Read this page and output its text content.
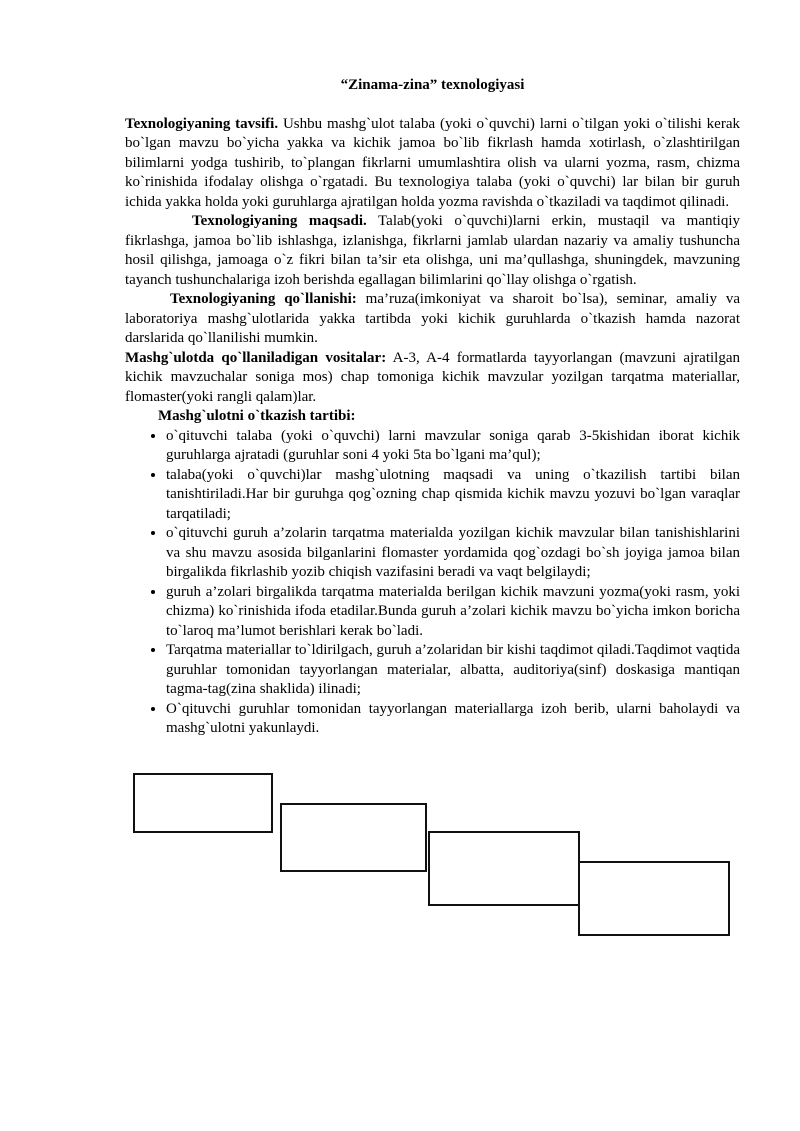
“Zinama-zina” texnologiyasi

Texnologiyaning tavsifi. Ushbu mashg`ulot talaba (yoki o`quvchi) larni o`tilgan yoki o`tilishi kerak bo`lgan mavzu bo`yicha yakka va kichik jamoa bo`lib fikrlash hamda xotirlash, o`zlashtirilgan bilimlarni yodga tushirib, to`plangan fikrlarni umumlashtira olish va ularni yozma, rasm, chizma ko`rinishida ifodalay olishga o`rgatadi. Bu texnologiya talaba (yoki o`quvchi) lar bilan bir guruh ichida yakka holda yoki guruhlarga ajratilgan holda yozma ravishda o`tkaziladi va taqdimot qilinadi.

Texnologiyaning maqsadi. Talab(yoki o`quvchi)larni erkin, mustaqil va mantiqiy fikrlashga, jamoa bo`lib ishlashga, izlanishga, fikrlarni jamlab ulardan nazariy va amaliy tushuncha hosil qilishga, jamoaga o`z fikri bilan ta’sir eta olishga, uni ma’qullashga, shuningdek, mavzuning tayanch tushunchalariga izoh berishda egallagan bilimlarini qo`llay olishga o`rgatish.

Texnologiyaning qo`llanishi: ma’ruza(imkoniyat va sharoit bo`lsa), seminar, amaliy va laboratoriya mashg`ulotlarida yakka tartibda yoki kichik guruhlarda o`tkazish hamda nazorat darslarida qo`llanilishi mumkin.

Mashg`ulotda qo`llaniladigan vositalar: A-3, A-4 formatlarda tayyorlangan (mavzuni ajratilgan kichik mavzuchalar soniga mos) chap tomoniga kichik mavzular yozilgan tarqatma materiallar, flomaster(yoki rangli qalam)lar.

Mashg`ulotni o`tkazish tartibi:

• o`qituvchi talaba (yoki o`quvchi) larni mavzular soniga qarab 3-5kishidan iborat kichik guruhlarga ajratadi (guruhlar soni 4 yoki 5ta bo`lgani ma’qul);
• talaba(yoki o`quvchi)lar mashg`ulotning maqsadi va uning o`tkazilish tartibi bilan tanishtiriladi.Har bir guruhga qog`ozning chap qismida kichik mavzu yozuvi bo`lgan varaqlar tarqatiladi;
• o`qituvchi guruh a’zolarin tarqatma materialda yozilgan kichik mavzular bilan tanishishlarini va shu mavzu asosida bilganlarini flomaster yordamida qog`ozdagi bo`sh joyiga jamoa bilan birgalikda fikrlashib yozib chiqish vazifasini beradi va vaqt belgilaydi;
• guruh a’zolari birgalikda tarqatma materialda berilgan kichik mavzuni yozma(yoki rasm, yoki chizma) ko`rinishida ifoda etadilar.Bunda guruh a’zolari kichik mavzu bo`yicha imkon boricha to`laroq ma’lumot berishlari kerak bo`ladi.
• Tarqatma materiallar to`ldirilgach, guruh a’zolaridan bir kishi taqdimot qiladi.Taqdimot vaqtida guruhlar tomonidan tayyorlangan materialar, albatta, auditoriya(sinf) doskasiga mantiqan tagma-tag(zina shaklida) ilinadi;
• O`qituvchi guruhlar tomonidan tayyorlangan materiallarga izoh berib, ularni baholaydi va mashg`ulotni yakunlaydi.
